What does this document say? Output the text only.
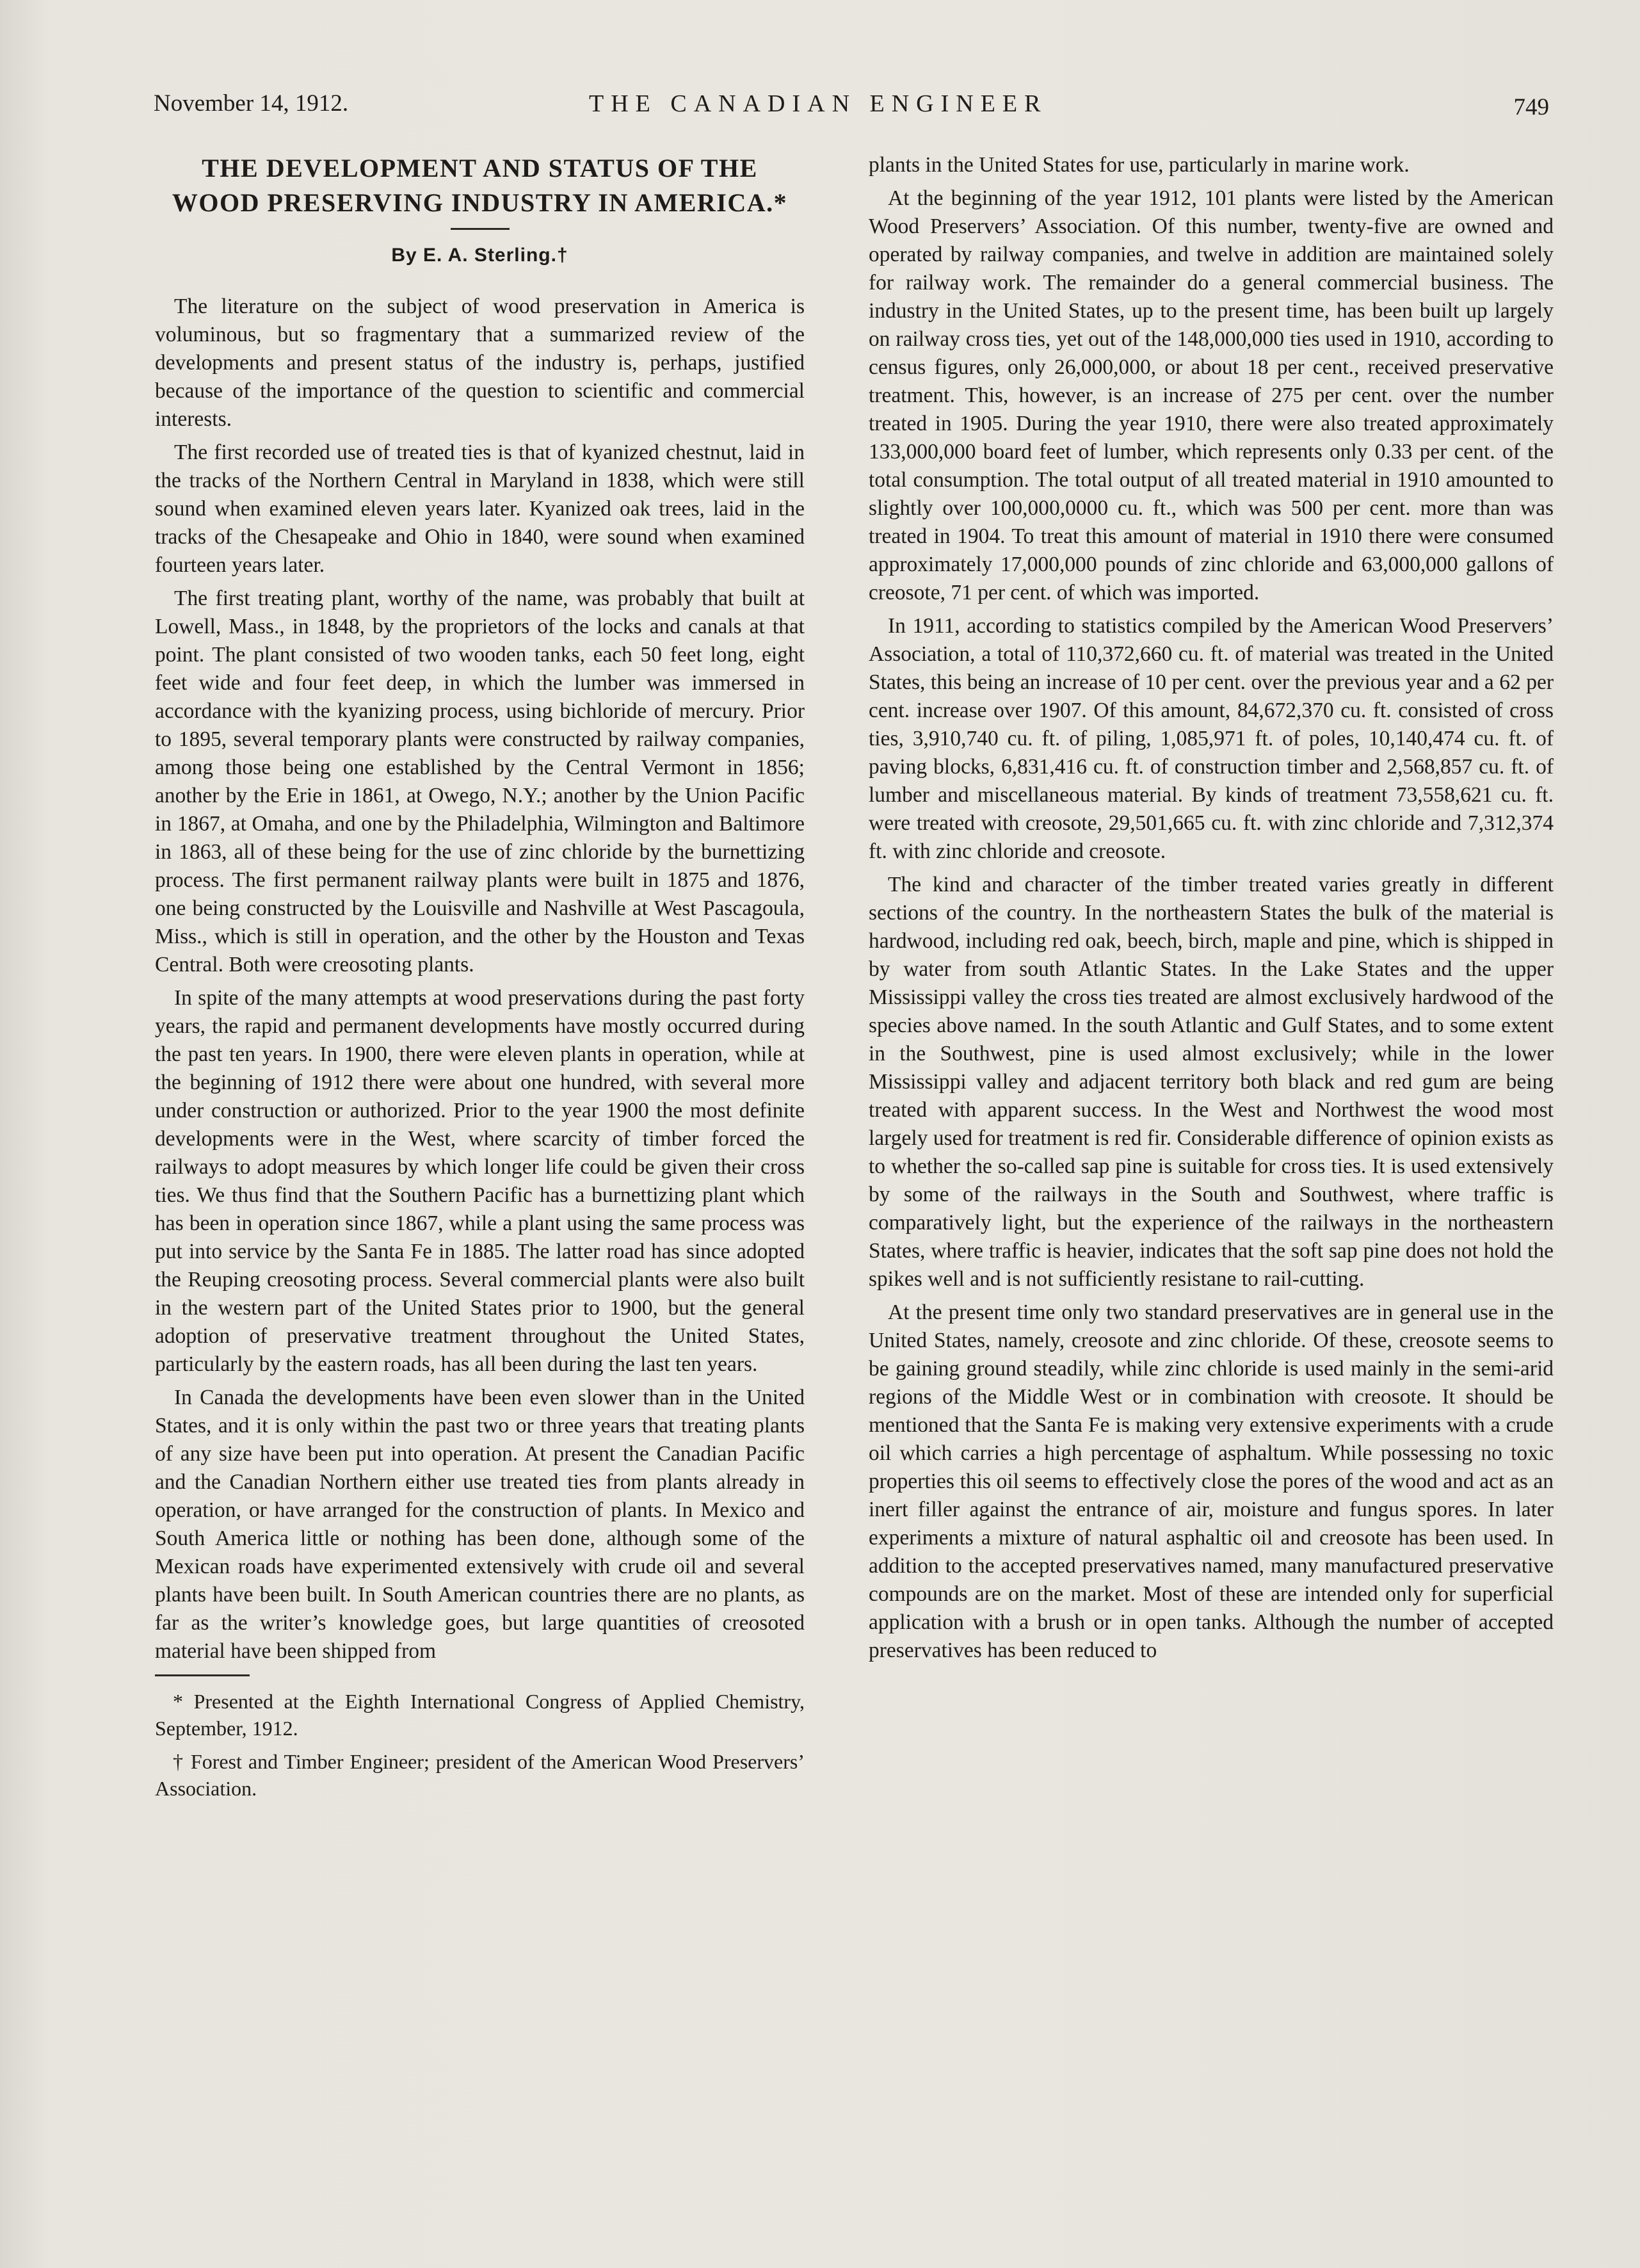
November 14, 1912.	THE CANADIAN ENGINEER	749
THE DEVELOPMENT AND STATUS OF THE WOOD PRESERVING INDUSTRY IN AMERICA.*
By E. A. Sterling.†

The literature on the subject of wood preservation in America is voluminous, but so fragmentary that a summarized review of the developments and present status of the industry is, perhaps, justified because of the importance of the question to scientific and commercial interests.

The first recorded use of treated ties is that of kyanized chestnut, laid in the tracks of the Northern Central in Maryland in 1838, which were still sound when examined eleven years later. Kyanized oak trees, laid in the tracks of the Chesapeake and Ohio in 1840, were sound when examined fourteen years later.

The first treating plant, worthy of the name, was probably that built at Lowell, Mass., in 1848, by the proprietors of the locks and canals at that point. The plant consisted of two wooden tanks, each 50 feet long, eight feet wide and four feet deep, in which the lumber was immersed in accordance with the kyanizing process, using bichloride of mercury. Prior to 1895, several temporary plants were constructed by railway companies, among those being one established by the Central Vermont in 1856; another by the Erie in 1861, at Owego, N.Y.; another by the Union Pacific in 1867, at Omaha, and one by the Philadelphia, Wilmington and Baltimore in 1863, all of these being for the use of zinc chloride by the burnettizing process. The first permanent railway plants were built in 1875 and 1876, one being constructed by the Louisville and Nashville at West Pascagoula, Miss., which is still in operation, and the other by the Houston and Texas Central. Both were creosoting plants.

In spite of the many attempts at wood preservations during the past forty years, the rapid and permanent developments have mostly occurred during the past ten years. In 1900, there were eleven plants in operation, while at the beginning of 1912 there were about one hundred, with several more under construction or authorized. Prior to the year 1900 the most definite developments were in the West, where scarcity of timber forced the railways to adopt measures by which longer life could be given their cross ties. We thus find that the Southern Pacific has a burnettizing plant which has been in operation since 1867, while a plant using the same process was put into service by the Santa Fe in 1885. The latter road has since adopted the Reuping creosoting process. Several commercial plants were also built in the western part of the United States prior to 1900, but the general adoption of preservative treatment throughout the United States, particularly by the eastern roads, has all been during the last ten years.

In Canada the developments have been even slower than in the United States, and it is only within the past two or three years that treating plants of any size have been put into operation. At present the Canadian Pacific and the Canadian Northern either use treated ties from plants already in operation, or have arranged for the construction of plants. In Mexico and South America little or nothing has been done, although some of the Mexican roads have experimented extensively with crude oil and several plants have been built. In South American countries there are no plants, as far as the writer’s knowledge goes, but large quantities of creosoted material have been shipped from

* Presented at the Eighth International Congress of Applied Chemistry, September, 1912.
† Forest and Timber Engineer; president of the American Wood Preservers’ Association.

plants in the United States for use, particularly in marine work.

At the beginning of the year 1912, 101 plants were listed by the American Wood Preservers’ Association. Of this number, twenty-five are owned and operated by railway companies, and twelve in addition are maintained solely for railway work. The remainder do a general commercial business. The industry in the United States, up to the present time, has been built up largely on railway cross ties, yet out of the 148,000,000 ties used in 1910, according to census figures, only 26,000,000, or about 18 per cent., received preservative treatment. This, however, is an increase of 275 per cent. over the number treated in 1905. During the year 1910, there were also treated approximately 133,000,000 board feet of lumber, which represents only 0.33 per cent. of the total consumption. The total output of all treated material in 1910 amounted to slightly over 100,000,0000 cu. ft., which was 500 per cent. more than was treated in 1904. To treat this amount of material in 1910 there were consumed approximately 17,000,000 pounds of zinc chloride and 63,000,000 gallons of creosote, 71 per cent. of which was imported.

In 1911, according to statistics compiled by the American Wood Preservers’ Association, a total of 110,372,660 cu. ft. of material was treated in the United States, this being an increase of 10 per cent. over the previous year and a 62 per cent. increase over 1907. Of this amount, 84,672,370 cu. ft. consisted of cross ties, 3,910,740 cu. ft. of piling, 1,085,971 ft. of poles, 10,140,474 cu. ft. of paving blocks, 6,831,416 cu. ft. of construction timber and 2,568,857 cu. ft. of lumber and miscellaneous material. By kinds of treatment 73,558,621 cu. ft. were treated with creosote, 29,501,665 cu. ft. with zinc chloride and 7,312,374 ft. with zinc chloride and creosote.

The kind and character of the timber treated varies greatly in different sections of the country. In the northeastern States the bulk of the material is hardwood, including red oak, beech, birch, maple and pine, which is shipped in by water from south Atlantic States. In the Lake States and the upper Mississippi valley the cross ties treated are almost exclusively hardwood of the species above named. In the south Atlantic and Gulf States, and to some extent in the Southwest, pine is used almost exclusively; while in the lower Mississippi valley and adjacent territory both black and red gum are being treated with apparent success. In the West and Northwest the wood most largely used for treatment is red fir. Considerable difference of opinion exists as to whether the so-called sap pine is suitable for cross ties. It is used extensively by some of the railways in the South and Southwest, where traffic is comparatively light, but the experience of the railways in the northeastern States, where traffic is heavier, indicates that the soft sap pine does not hold the spikes well and is not sufficiently resistane to rail-cutting.

At the present time only two standard preservatives are in general use in the United States, namely, creosote and zinc chloride. Of these, creosote seems to be gaining ground steadily, while zinc chloride is used mainly in the semi-arid regions of the Middle West or in combination with creosote. It should be mentioned that the Santa Fe is making very extensive experiments with a crude oil which carries a high percentage of asphaltum. While possessing no toxic properties this oil seems to effectively close the pores of the wood and act as an inert filler against the entrance of air, moisture and fungus spores. In later experiments a mixture of natural asphaltic oil and creosote has been used. In addition to the accepted preservatives named, many manufactured preservative compounds are on the market. Most of these are intended only for superficial application with a brush or in open tanks. Although the number of accepted preservatives has been reduced to
